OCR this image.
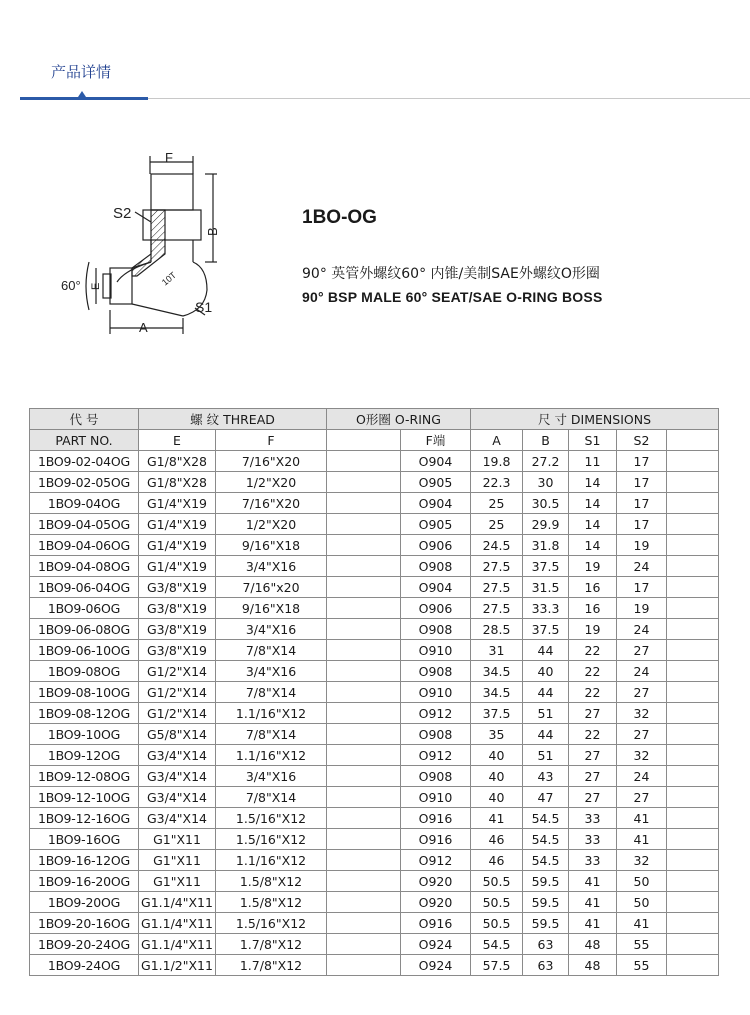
产品详情
F
S2
B
E
60°
A
S1
10T
1BO-OG
90° 英管外螺纹60° 内锥/美制SAE外螺纹O形圈
90° BSP MALE 60° SEAT/SAE O-RING BOSS
代 号	螺 纹 THREAD		O形圈 O-RING		尺 寸 DIMENSIONS				
PART NO.	E	F		F端	A	B	S1	S2	
1BO9-02-04OG	G1/8"X28	7/16"X20		O904	19.8	27.2	11	17	
1BO9-02-05OG	G1/8"X28	1/2"X20		O905	22.3	30	14	17	
1BO9-04OG	G1/4"X19	7/16"X20		O904	25	30.5	14	17	
1BO9-04-05OG	G1/4"X19	1/2"X20		O905	25	29.9	14	17	
1BO9-04-06OG	G1/4"X19	9/16"X18		O906	24.5	31.8	14	19	
1BO9-04-08OG	G1/4"X19	3/4"X16		O908	27.5	37.5	19	24	
1BO9-06-04OG	G3/8"X19	7/16"x20		O904	27.5	31.5	16	17	
1BO9-06OG	G3/8"X19	9/16"X18		O906	27.5	33.3	16	19	
1BO9-06-08OG	G3/8"X19	3/4"X16		O908	28.5	37.5	19	24	
1BO9-06-10OG	G3/8"X19	7/8"X14		O910	31	44	22	27	
1BO9-08OG	G1/2"X14	3/4"X16		O908	34.5	40	22	24	
1BO9-08-10OG	G1/2"X14	7/8"X14		O910	34.5	44	22	27	
1BO9-08-12OG	G1/2"X14	1.1/16"X12		O912	37.5	51	27	32	
1BO9-10OG	G5/8"X14	7/8"X14		O908	35	44	22	27	
1BO9-12OG	G3/4"X14	1.1/16"X12		O912	40	51	27	32	
1BO9-12-08OG	G3/4"X14	3/4"X16		O908	40	43	27	24	
1BO9-12-10OG	G3/4"X14	7/8"X14		O910	40	47	27	27	
1BO9-12-16OG	G3/4"X14	1.5/16"X12		O916	41	54.5	33	41	
1BO9-16OG	G1"X11	1.5/16"X12		O916	46	54.5	33	41	
1BO9-16-12OG	G1"X11	1.1/16"X12		O912	46	54.5	33	32	
1BO9-16-20OG	G1"X11	1.5/8"X12		O920	50.5	59.5	41	50	
1BO9-20OG	G1.1/4"X11	1.5/8"X12		O920	50.5	59.5	41	50	
1BO9-20-16OG	G1.1/4"X11	1.5/16"X12		O916	50.5	59.5	41	41	
1BO9-20-24OG	G1.1/4"X11	1.7/8"X12		O924	54.5	63	48	55	
1BO9-24OG	G1.1/2"X11	1.7/8"X12		O924	57.5	63	48	55	
